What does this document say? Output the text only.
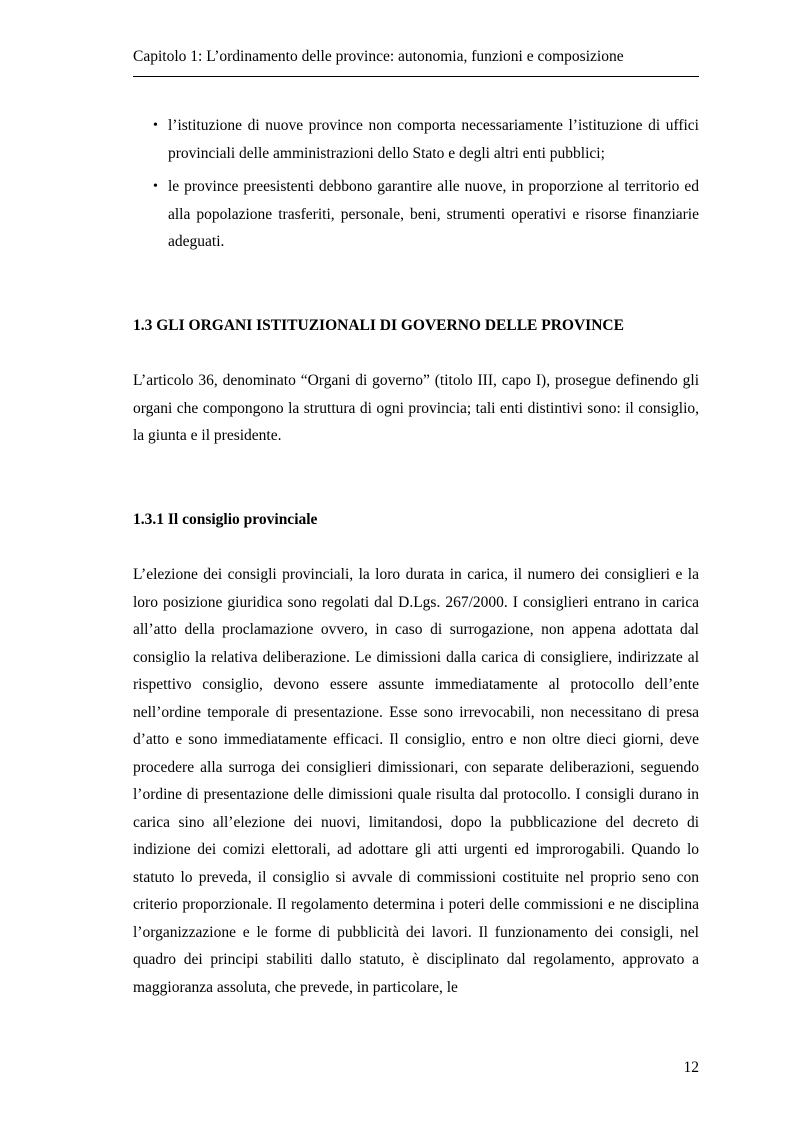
Capitolo 1: L’ordinamento delle province: autonomia, funzioni e composizione
• l’istituzione di nuove province non comporta necessariamente l’istituzione di uffici provinciali delle amministrazioni dello Stato e degli altri enti pubblici;
• le province preesistenti debbono garantire alle nuove, in proporzione al territorio ed alla popolazione trasferiti, personale, beni, strumenti operativi e risorse finanziarie adeguati.
1.3 GLI ORGANI ISTITUZIONALI DI GOVERNO DELLE PROVINCE

L’articolo 36, denominato “Organi di governo” (titolo III, capo I), prosegue definendo gli organi che compongono la struttura di ogni provincia; tali enti distintivi sono: il consiglio, la giunta e il presidente.

1.3.1 Il consiglio provinciale

L’elezione dei consigli provinciali, la loro durata in carica, il numero dei consiglieri e la loro posizione giuridica sono regolati dal D.Lgs. 267/2000. I consiglieri entrano in carica all’atto della proclamazione ovvero, in caso di surrogazione, non appena adottata dal consiglio la relativa deliberazione. Le dimissioni dalla carica di consigliere, indirizzate al rispettivo consiglio, devono essere assunte immediatamente al protocollo dell’ente nell’ordine temporale di presentazione. Esse sono irrevocabili, non necessitano di presa d’atto e sono immediatamente efficaci. Il consiglio, entro e non oltre dieci giorni, deve procedere alla surroga dei consiglieri dimissionari, con separate deliberazioni, seguendo l’ordine di presentazione delle dimissioni quale risulta dal protocollo. I consigli durano in carica sino all’elezione dei nuovi, limitandosi, dopo la pubblicazione del decreto di indizione dei comizi elettorali, ad adottare gli atti urgenti ed improrogabili. Quando lo statuto lo preveda, il consiglio si avvale di commissioni costituite nel proprio seno con criterio proporzionale. Il regolamento determina i poteri delle commissioni e ne disciplina l’organizzazione e le forme di pubblicità dei lavori. Il funzionamento dei consigli, nel quadro dei principi stabiliti dallo statuto, è disciplinato dal regolamento, approvato a maggioranza assoluta, che prevede, in particolare, le

12
